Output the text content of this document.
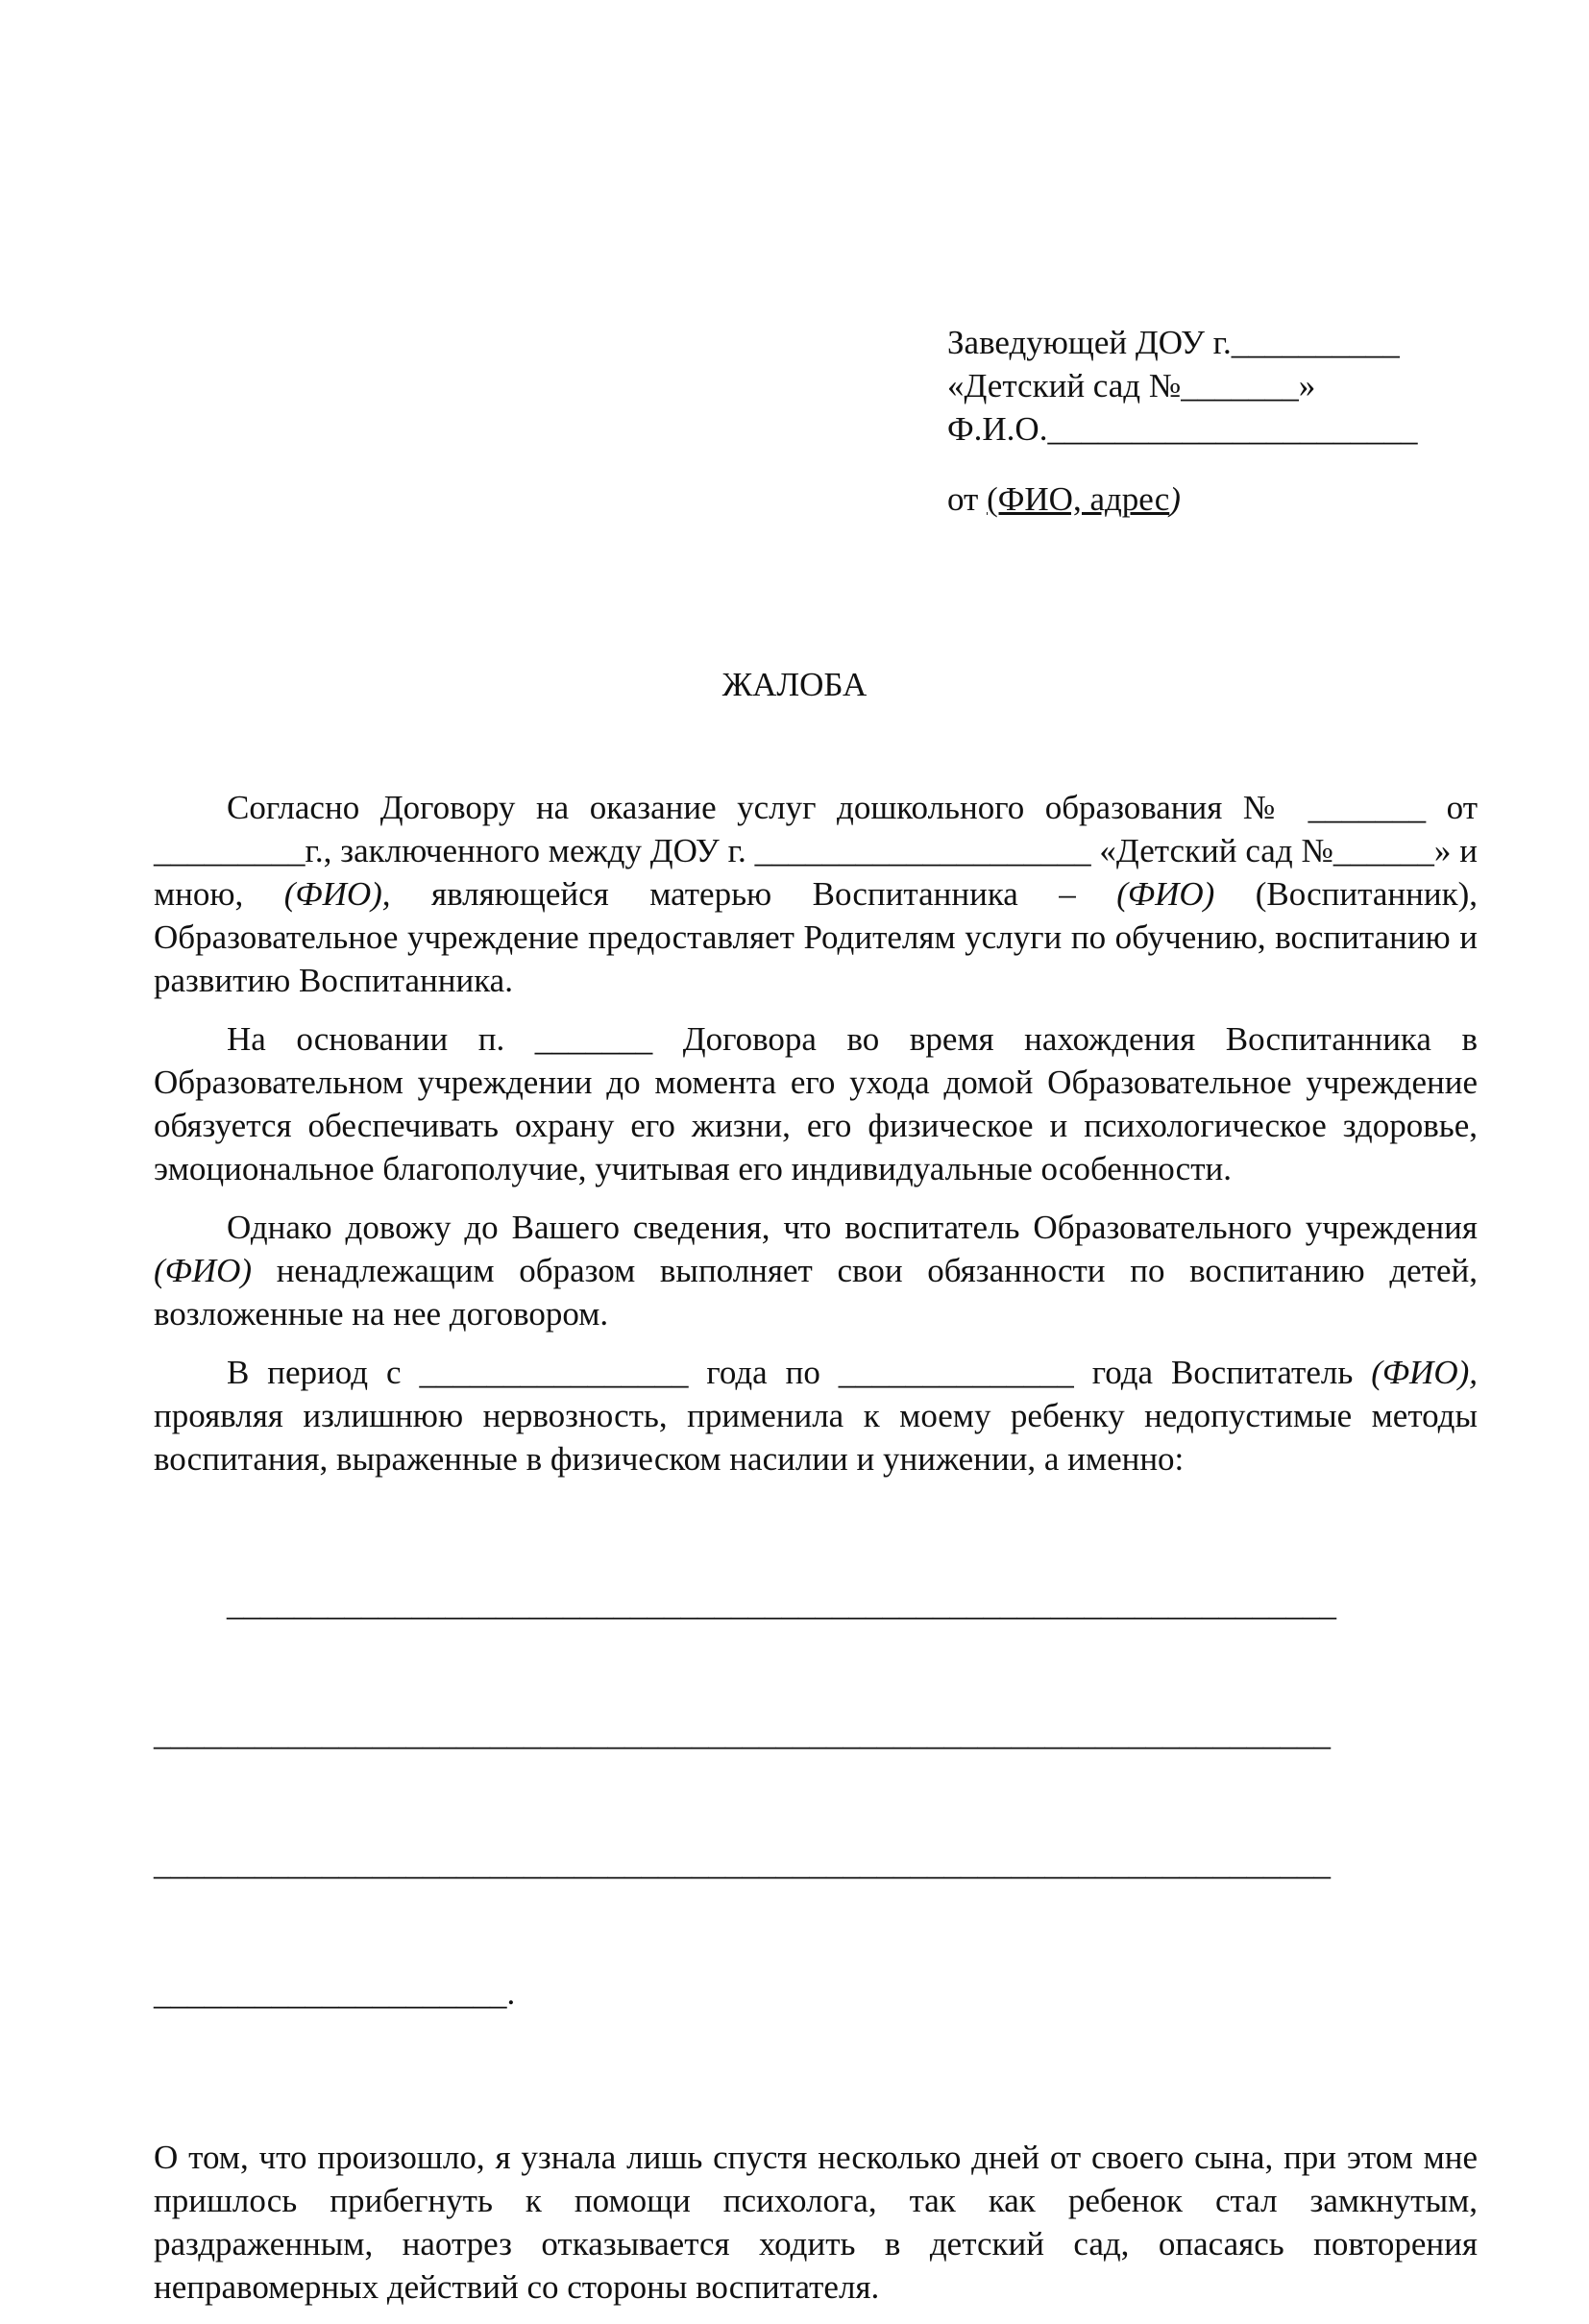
Заведующей ДОУ г.__________
«Детский сад №_______»
Ф.И.О.______________________
от (ФИО, адрес)
ЖАЛОБА

Согласно Договору на оказание услуг дошкольного образования № _______ от _________г., заключенного между ДОУ г. ____________________ «Детский сад №______» и мною, (ФИО), являющейся матерью Воспитанника – (ФИО) (Воспитанник), Образовательное учреждение предоставляет Родителям услуги по обучению, воспитанию и развитию Воспитанника.

На основании п. _______ Договора во время нахождения Воспитанника в Образовательном учреждении до момента его ухода домой Образовательное учреждение обязуется обеспечивать охрану его жизни, его физическое и психологическое здоровье, эмоциональное благополучие, учитывая его индивидуальные особенности.

Однако довожу до Вашего сведения, что воспитатель Образовательного учреждения (ФИО) ненадлежащим образом выполняет свои обязанности по воспитанию детей, возложенные на нее договором.

В период с ________________ года по ______________ года Воспитатель (ФИО), проявляя излишнюю нервозность, применила к моему ребенку недопустимые методы воспитания, выраженные в физическом насилии и унижении, а именно:

__________________________________________________________________

______________________________________________________________________

______________________________________________________________________

_____________________.

О том, что произошло, я узнала лишь спустя несколько дней от своего сына, при этом мне пришлось прибегнуть к помощи психолога, так как ребенок стал замкнутым, раздраженным, наотрез отказывается ходить в детский сад, опасаясь повторения неправомерных действий со стороны воспитателя.
